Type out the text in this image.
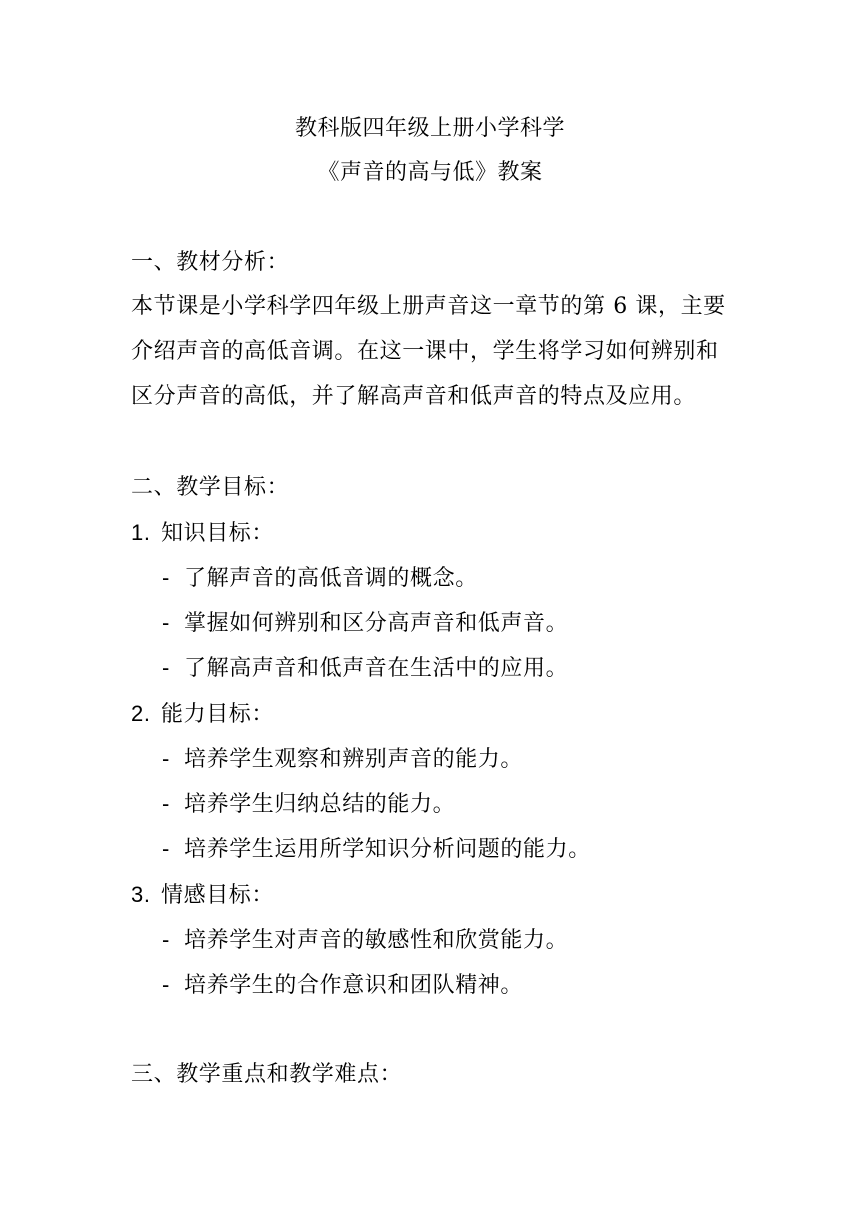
教科版四年级上册小学科学
《声音的高与低》教案
一、教材分析：
本节课是小学科学四年级上册声音这一章节的第 6 课，主要
介绍声音的高低音调。在这一课中，学生将学习如何辨别和
区分声音的高低，并了解高声音和低声音的特点及应用。
二、教学目标：
1. 知识目标：
- 了解声音的高低音调的概念。
- 掌握如何辨别和区分高声音和低声音。
- 了解高声音和低声音在生活中的应用。
2. 能力目标：
- 培养学生观察和辨别声音的能力。
- 培养学生归纳总结的能力。
- 培养学生运用所学知识分析问题的能力。
3. 情感目标：
- 培养学生对声音的敏感性和欣赏能力。
- 培养学生的合作意识和团队精神。
三、教学重点和教学难点：
